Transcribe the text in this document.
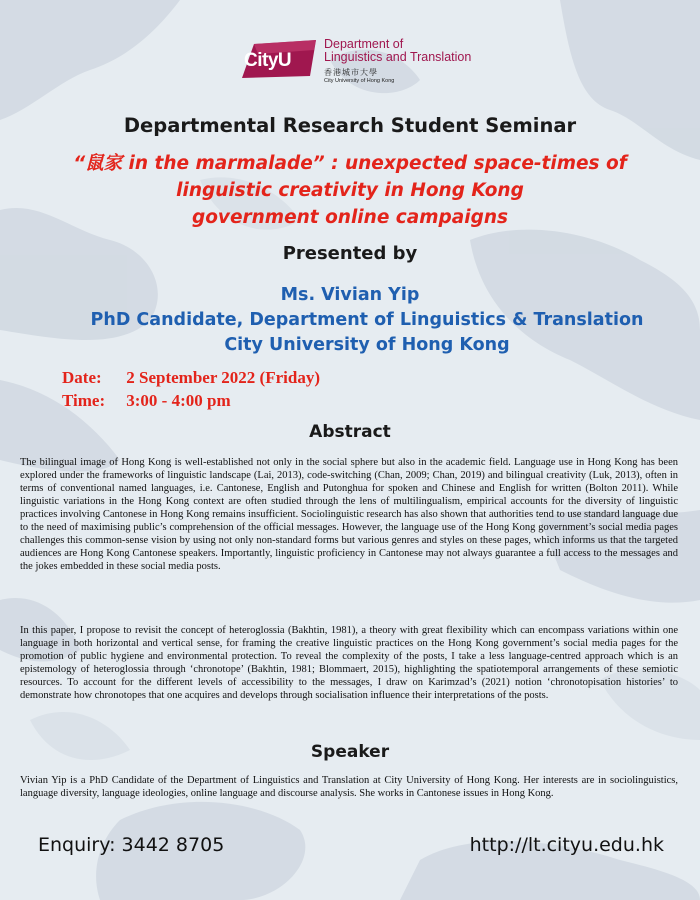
CityU
Department of
Linguistics and Translation
香港城市大學
City University of Hong Kong
Departmental Research Student Seminar
“鼠家 in the marmalade” : unexpected space-times of
linguistic creativity in Hong Kong
government online campaigns
Presented by
Ms. Vivian Yip
PhD Candidate, Department of Linguistics & Translation
City University of Hong Kong
Date: 2 September 2022 (Friday)
Time: 3:00 - 4:00 pm
Abstract

The bilingual image of Hong Kong is well-established not only in the social sphere but also in the academic field. Language use in Hong Kong has been explored under the frameworks of linguistic landscape (Lai, 2013), code-switching (Chan, 2009; Chan, 2019) and bilingual creativity (Luk, 2013), often in terms of conventional named languages, i.e. Cantonese, English and Putonghua for spoken and Chinese and English for written (Bolton 2011). While linguistic variations in the Hong Kong context are often studied through the lens of multilingualism, empirical accounts for the diversity of linguistic practices involving Cantonese in Hong Kong remains insufficient. Sociolinguistic research has also shown that authorities tend to use standard language due to the need of maximising public’s comprehension of the official messages. However, the language use of the Hong Kong government’s social media pages challenges this common-sense vision by using not only non-standard forms but various genres and styles on these pages, which informs us that the targeted audiences are Hong Kong Cantonese speakers. Importantly, linguistic proficiency in Cantonese may not always guarantee a full access to the messages and the jokes embedded in these social media posts.

In this paper, I propose to revisit the concept of heteroglossia (Bakhtin, 1981), a theory with great flexibility which can encompass variations within one language in both horizontal and vertical sense, for framing the creative linguistic practices on the Hong Kong government’s social media pages for the promotion of public hygiene and environmental protection. To reveal the complexity of the posts, I take a less language-centred approach which is an epistemology of heteroglossia through ‘chronotope’ (Bakhtin, 1981; Blommaert, 2015), highlighting the spatiotemporal arrangements of these semiotic resources. To account for the different levels of accessibility to the messages, I draw on Karimzad’s (2021) notion ‘chronotopisation histories’ to demonstrate how chronotopes that one acquires and develops through socialisation influence their interpretations of the posts.

Speaker

Vivian Yip is a PhD Candidate of the Department of Linguistics and Translation at City University of Hong Kong. Her interests are in sociolinguistics, language diversity, language ideologies, online language and discourse analysis. She works in Cantonese issues in Hong Kong.

Enquiry: 3442 8705	http://lt.cityu.edu.hk
